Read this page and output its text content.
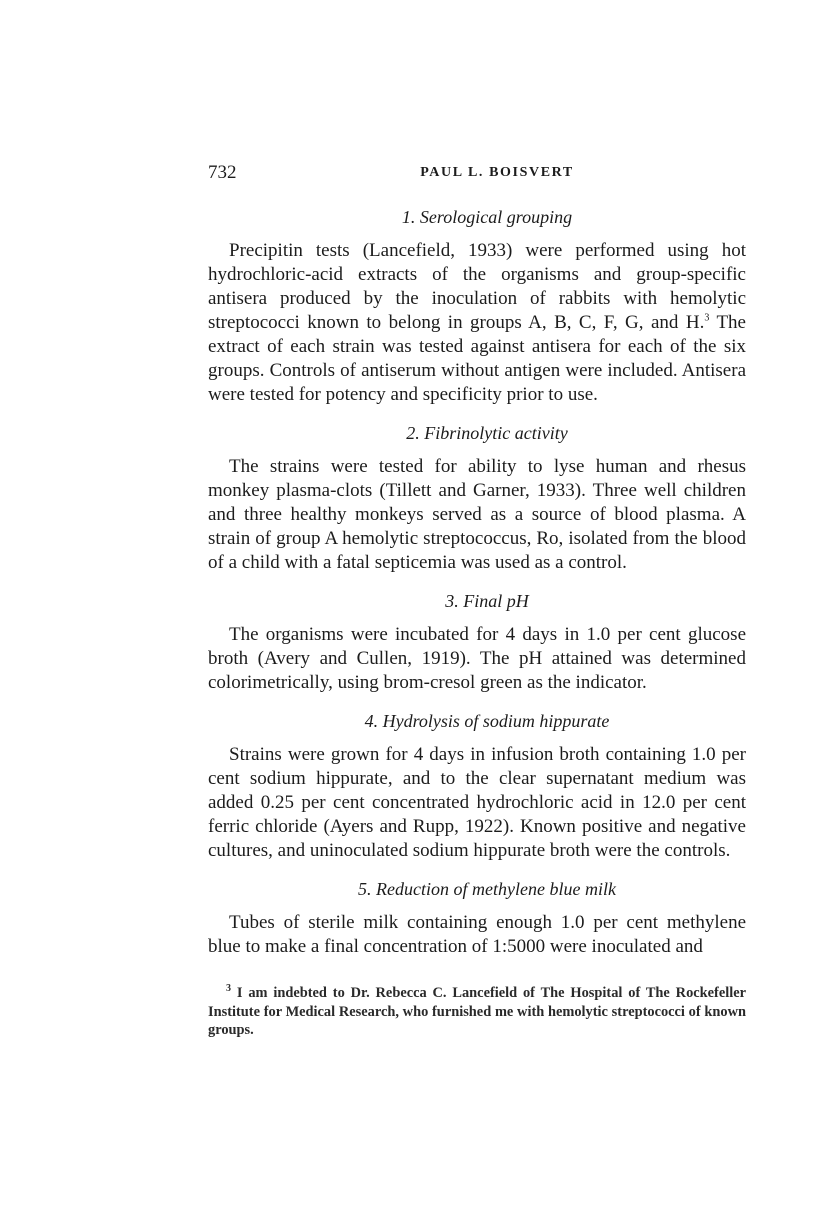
732	PAUL L. BOISVERT
1. Serological grouping

Precipitin tests (Lancefield, 1933) were performed using hot hydrochloric-acid extracts of the organisms and group-specific antisera produced by the inoculation of rabbits with hemolytic streptococci known to belong in groups A, B, C, F, G, and H.$^3$ The extract of each strain was tested against antisera for each of the six groups. Controls of antiserum without antigen were included. Antisera were tested for potency and specificity prior to use.

2. Fibrinolytic activity

The strains were tested for ability to lyse human and rhesus monkey plasma-clots (Tillett and Garner, 1933). Three well children and three healthy monkeys served as a source of blood plasma. A strain of group A hemolytic streptococcus, Ro, isolated from the blood of a child with a fatal septicemia was used as a control.

3. Final pH

The organisms were incubated for 4 days in 1.0 per cent glucose broth (Avery and Cullen, 1919). The pH attained was determined colorimetrically, using brom-cresol green as the indicator.

4. Hydrolysis of sodium hippurate

Strains were grown for 4 days in infusion broth containing 1.0 per cent sodium hippurate, and to the clear supernatant medium was added 0.25 per cent concentrated hydrochloric acid in 12.0 per cent ferric chloride (Ayers and Rupp, 1922). Known positive and negative cultures, and uninoculated sodium hippurate broth were the controls.

5. Reduction of methylene blue milk

Tubes of sterile milk containing enough 1.0 per cent methylene blue to make a final concentration of 1:5000 were inoculated and

$^3$ I am indebted to Dr. Rebecca C. Lancefield of The Hospital of The Rockefeller Institute for Medical Research, who furnished me with hemolytic streptococci of known groups.
